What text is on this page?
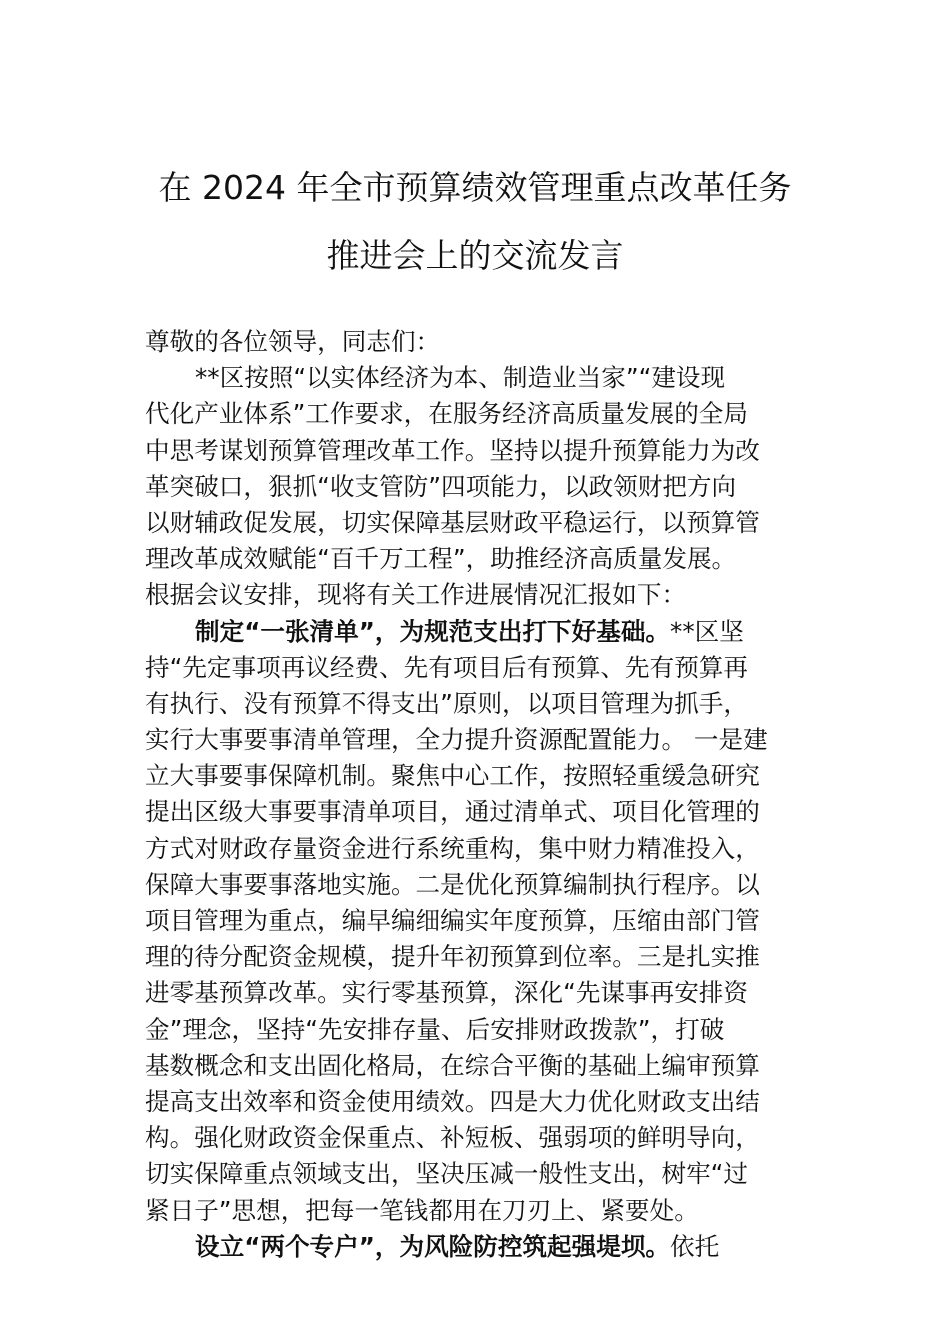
在 2024 年全市预算绩效管理重点改革任务
推进会上的交流发言
尊敬的各位领导，同志们：
**区按照“以实体经济为本、制造业当家”“建设现
代化产业体系”工作要求，在服务经济高质量发展的全局
中思考谋划预算管理改革工作。坚持以提升预算能力为改
革突破口，狠抓“收支管防”四项能力，以政领财把方向
以财辅政促发展，切实保障基层财政平稳运行，以预算管
理改革成效赋能“百千万工程”，助推经济高质量发展。
根据会议安排，现将有关工作进展情况汇报如下：
制定“一张清单”，为规范支出打下好基础。**区坚
持“先定事项再议经费、先有项目后有预算、先有预算再
有执行、没有预算不得支出”原则，以项目管理为抓手，
实行大事要事清单管理，全力提升资源配置能力。 一是建
立大事要事保障机制。聚焦中心工作，按照轻重缓急研究
提出区级大事要事清单项目，通过清单式、项目化管理的
方式对财政存量资金进行系统重构，集中财力精准投入，
保障大事要事落地实施。二是优化预算编制执行程序。以
项目管理为重点，编早编细编实年度预算，压缩由部门管
理的待分配资金规模，提升年初预算到位率。三是扎实推
进零基预算改革。实行零基预算，深化“先谋事再安排资
金”理念，坚持“先安排存量、后安排财政拨款”，打破
基数概念和支出固化格局，在综合平衡的基础上编审预算
提高支出效率和资金使用绩效。四是大力优化财政支出结
构。强化财政资金保重点、补短板、强弱项的鲜明导向，
切实保障重点领域支出，坚决压减一般性支出，树牢“过
紧日子”思想，把每一笔钱都用在刀刃上、紧要处。
设立“两个专户”，为风险防控筑起强堤坝。依托
